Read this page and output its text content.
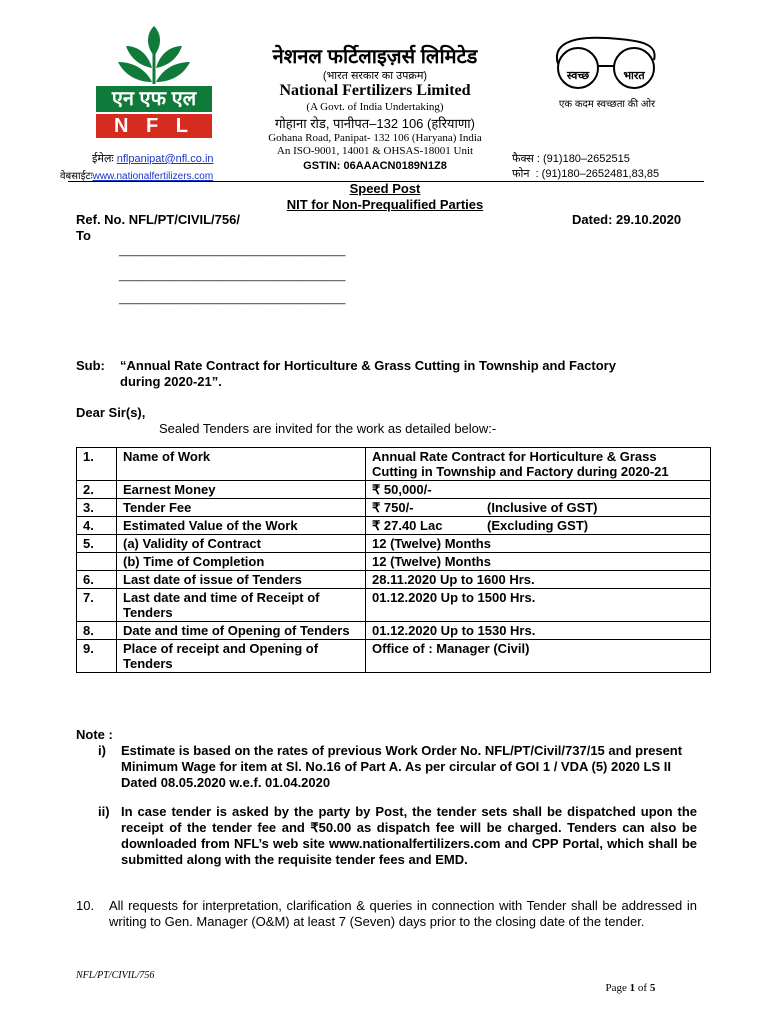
एन एफ एल
N F L
नेशनल फर्टिलाइज़र्स लिमिटेड
(भारत सरकार का उपक्रम)
National Fertilizers Limited
(A Govt. of India Undertaking)
गोहाना रोड, पानीपत–132 106 (हरियाणा)
Gohana Road, Panipat- 132 106 (Haryana) India
An ISO-9001, 14001 & OHSAS-18001 Unit
GSTIN: 06AAACN0189N1Z8
ईमेलः nflpanipat@nfl.co.in
वेबसाईटःwww.nationalfertilizers.com
स्वच्छ	भारत
एक कदम स्वच्छता की ओर
फैक्स : (91)180–2652515
फोन  : (91)180–2652481,83,85
Speed Post
NIT for Non-Prequalified Parties
Ref. No. NFL/PT/CIVIL/756/	Dated: 29.10.2020
To
_____________________________________
_____________________________________
_____________________________________
Sub: “Annual Rate Contract for Horticulture & Grass Cutting in Township and Factory
during 2020-21”.
Dear Sir(s),
Sealed Tenders are invited for the work as detailed below:-
1.	Name of Work	Annual Rate Contract for Horticulture & Grass Cutting in Township and Factory during 2020-21
2.	Earnest Money	₹ 50,000/-
3.	Tender Fee	₹ 750/- (Inclusive of GST)
4.	Estimated Value of the Work	₹ 27.40 Lac (Excluding GST)
5.	(a) Validity of Contract	12 (Twelve) Months
	(b) Time of Completion	12 (Twelve) Months
6.	Last date of issue of Tenders	28.11.2020 Up to 1600 Hrs.
7.	Last date and time of Receipt of Tenders	01.12.2020 Up to 1500 Hrs.
8.	Date and time of Opening of Tenders	01.12.2020 Up to 1530 Hrs.
9.	Place of receipt and Opening of Tenders	Office of : Manager (Civil)
Note :
i) Estimate is based on the rates of previous Work Order No. NFL/PT/Civil/737/15 and present Minimum Wage for item at Sl. No.16 of Part A. As per circular of GOI 1 / VDA (5) 2020 LS II Dated 08.05.2020 w.e.f. 01.04.2020
ii) In case tender is asked by the party by Post, the tender sets shall be dispatched upon the receipt of the tender fee and ₹50.00 as dispatch fee will be charged. Tenders can also be downloaded from NFL’s web site www.nationalfertilizers.com and CPP Portal, which shall be submitted along with the requisite tender fees and EMD.
10. All requests for interpretation, clarification & queries in connection with Tender shall be addressed in writing to Gen. Manager (O&M) at least 7 (Seven) days prior to the closing date of the tender.
NFL/PT/CIVIL/756

Page 1 of 5
